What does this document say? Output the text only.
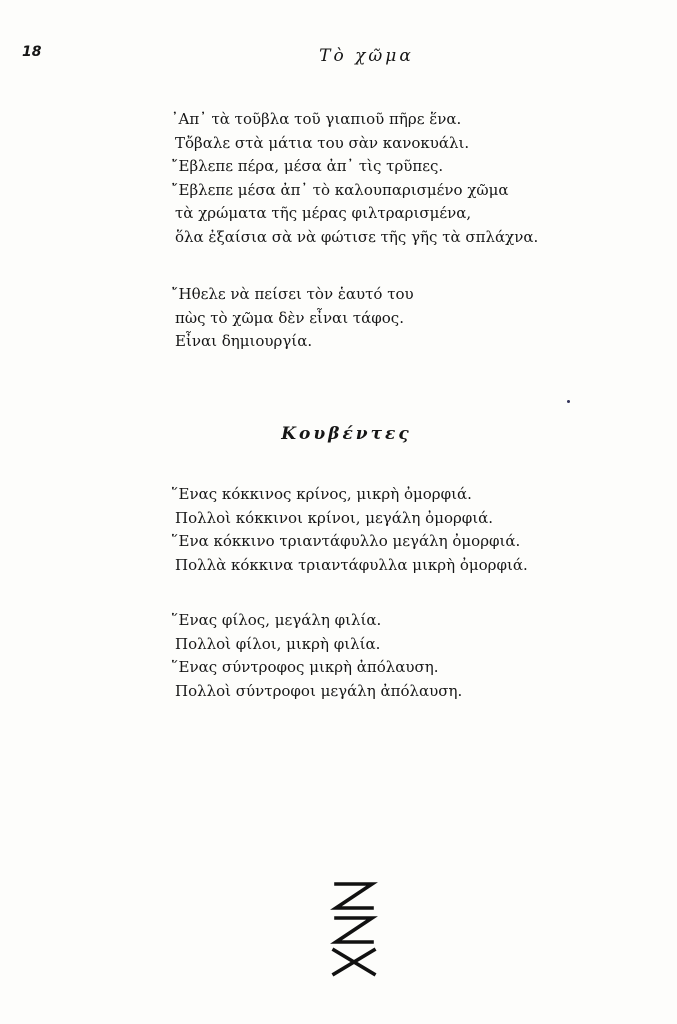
18	Τὸ χῶμα
᾿Απ᾿ τὰ τοῦβλα τοῦ γιαπιοῦ πῆρε ἕνα.
Τὄβαλε στὰ μάτια του σὰν κανοκυάλι.
῎Εβλεπε πέρα, μέσα ἀπ᾿ τὶς τρῦπες.
῎Εβλεπε μέσα ἀπ᾿ τὸ καλουπαρισμένο χῶμα
τὰ χρώματα τῆς μέρας φιλτραρισμένα,
ὅλα ἐξαίσια σὰ νὰ φώτισε τῆς γῆς τὰ σπλάχνα.
῎Ηθελε νὰ πείσει τὸν ἑαυτό του
πὼς τὸ χῶμα δὲν εἶναι τάφος.
Εἶναι δημιουργία.
Κουβέντες
῞Ενας κόκκινος κρίνος, μικρὴ ὀμορφιά.
Πολλοὶ κόκκινοι κρίνοι, μεγάλη ὀμορφιά.
῞Ενα κόκκινο τριαντάφυλλο μεγάλη ὀμορφιά.
Πολλὰ κόκκινα τριαντάφυλλα μικρὴ ὀμορφιά.
῞Ενας φίλος, μεγάλη φιλία.
Πολλοὶ φίλοι, μικρὴ φιλία.
῞Ενας σύντροφος μικρὴ ἀπόλαυση.
Πολλοὶ σύντροφοι μεγάλη ἀπόλαυση.
